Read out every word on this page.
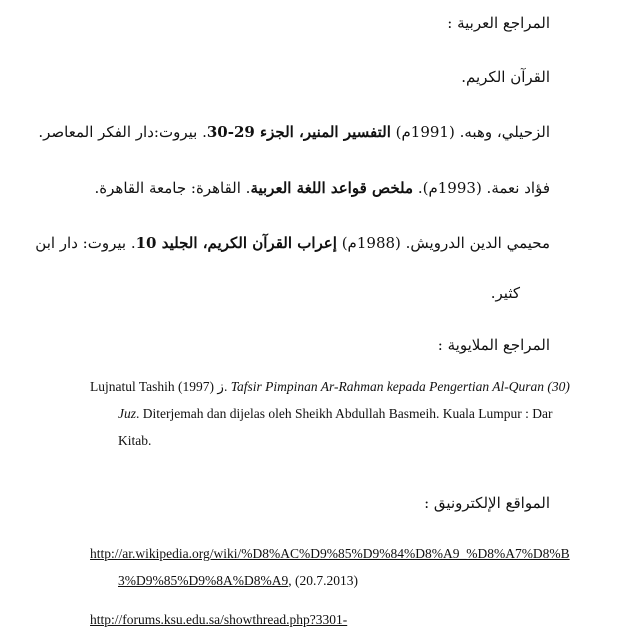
المراجع العربية :
القرآن الكريم.
الزحيلي، وهبه. (1991م) التفسير المنير، الجزء 29-30. بيروت:دار الفكر المعاصر.
فؤاد نعمة. (1993م). ملخص قواعد اللغة العربية. القاهرة: جامعة القاهرة.
محيمي الدين الدرويش. (1988م) إعراب القرآن الكريم، الجليد 10. بيروت: دار ابن
كثير.
المراجع الملايوية :
Lujnatul Tashih ز (1997). Tafsir Pimpinan Ar-Rahman kepada Pengertian Al-Quran (30) Juz. Diterjemah dan dijelas oleh Sheikh Abdullah Basmeih. Kuala Lumpur : Dar Kitab.
المواقع الإلكترونيق :
http://ar.wikipedia.org/wiki/%D8%AC%D9%85%D9%84%D8%A9_%D8%A7%D8%B3%D9%85%D9%8A%D8%A9, (20.7.2013)
http://forums.ksu.edu.sa/showthread.php?3301-
